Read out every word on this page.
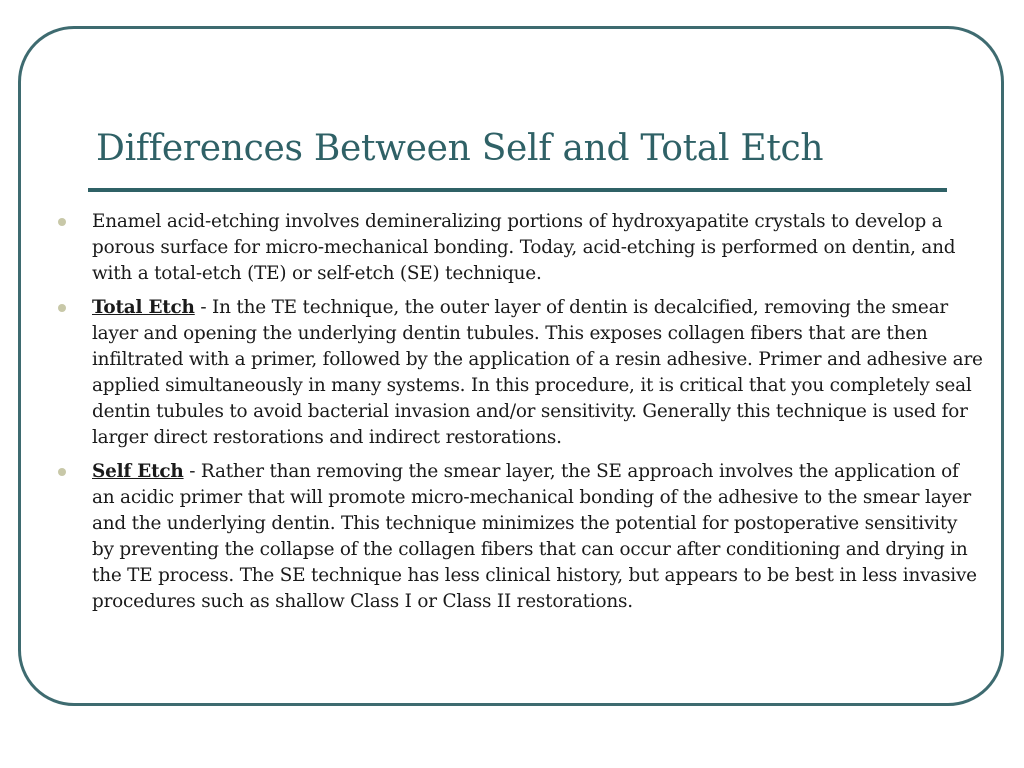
Differences Between Self and Total Etch
Enamel acid-etching involves demineralizing portions of hydroxyapatite crystals to develop a porous surface for micro-mechanical bonding. Today, acid-etching is performed on dentin, and with a total-etch (TE) or self-etch (SE) technique.
Total Etch - In the TE technique, the outer layer of dentin is decalcified, removing the smear layer and opening the underlying dentin tubules. This exposes collagen fibers that are then infiltrated with a primer, followed by the application of a resin adhesive. Primer and adhesive are applied simultaneously in many systems. In this procedure, it is critical that you completely seal dentin tubules to avoid bacterial invasion and/or sensitivity. Generally this technique is used for larger direct restorations and indirect restorations.
Self Etch - Rather than removing the smear layer, the SE approach involves the application of an acidic primer that will promote micro-mechanical bonding of the adhesive to the smear layer and the underlying dentin. This technique minimizes the potential for postoperative sensitivity by preventing the collapse of the collagen fibers that can occur after conditioning and drying in the TE process. The SE technique has less clinical history, but appears to be best in less invasive procedures such as shallow Class I or Class II restorations.
